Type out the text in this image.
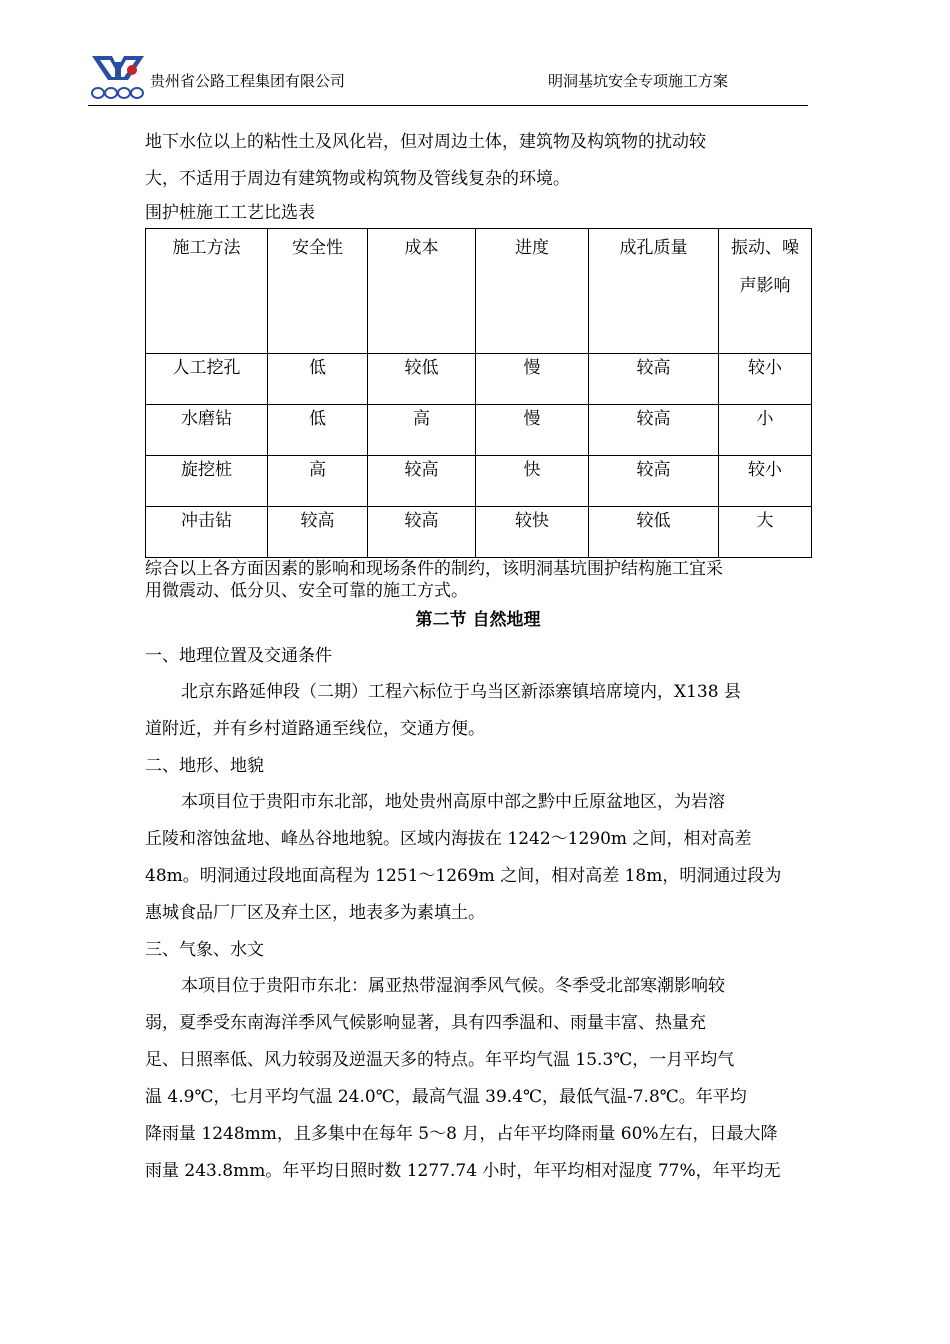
贵州省公路工程集团有限公司	明洞基坑安全专项施工方案

地下水位以上的粘性土及风化岩，但对周边土体，建筑物及构筑物的扰动较

大，不适用于周边有建筑物或构筑物及管线复杂的环境。

围护桩施工工艺比选表

施工方法	安全性	成本	进度	成孔质量	振动、噪声影响
人工挖孔	低	较低	慢	较高	较小
水磨钻	低	高	慢	较高	小
旋挖桩	高	较高	快	较高	较小
冲击钻	较高	较高	较快	较低	大

综合以上各方面因素的影响和现场条件的制约，该明洞基坑围护结构施工宜采

用微震动、低分贝、安全可靠的施工方式。

第二节 自然地理

一、地理位置及交通条件

北京东路延伸段（二期）工程六标位于乌当区新添寨镇培席境内，X138 县

道附近，并有乡村道路通至线位，交通方便。

二、地形、地貌

本项目位于贵阳市东北部，地处贵州高原中部之黔中丘原盆地区，为岩溶

丘陵和溶蚀盆地、峰丛谷地地貌。区域内海拔在 1242～1290m 之间，相对高差

48m。明洞通过段地面高程为 1251～1269m 之间，相对高差 18m，明洞通过段为

惠城食品厂厂区及弃土区，地表多为素填土。

三、气象、水文

本项目位于贵阳市东北：属亚热带湿润季风气候。冬季受北部寒潮影响较

弱，夏季受东南海洋季风气候影响显著，具有四季温和、雨量丰富、热量充

足、日照率低、风力较弱及逆温天多的特点。年平均气温 15.3℃，一月平均气

温 4.9℃，七月平均气温 24.0℃，最高气温 39.4℃，最低气温-7.8℃。年平均

降雨量 1248mm，且多集中在每年 5～8 月，占年平均降雨量 60%左右，日最大降

雨量 243.8mm。年平均日照时数 1277.74 小时，年平均相对湿度 77%，年平均无
